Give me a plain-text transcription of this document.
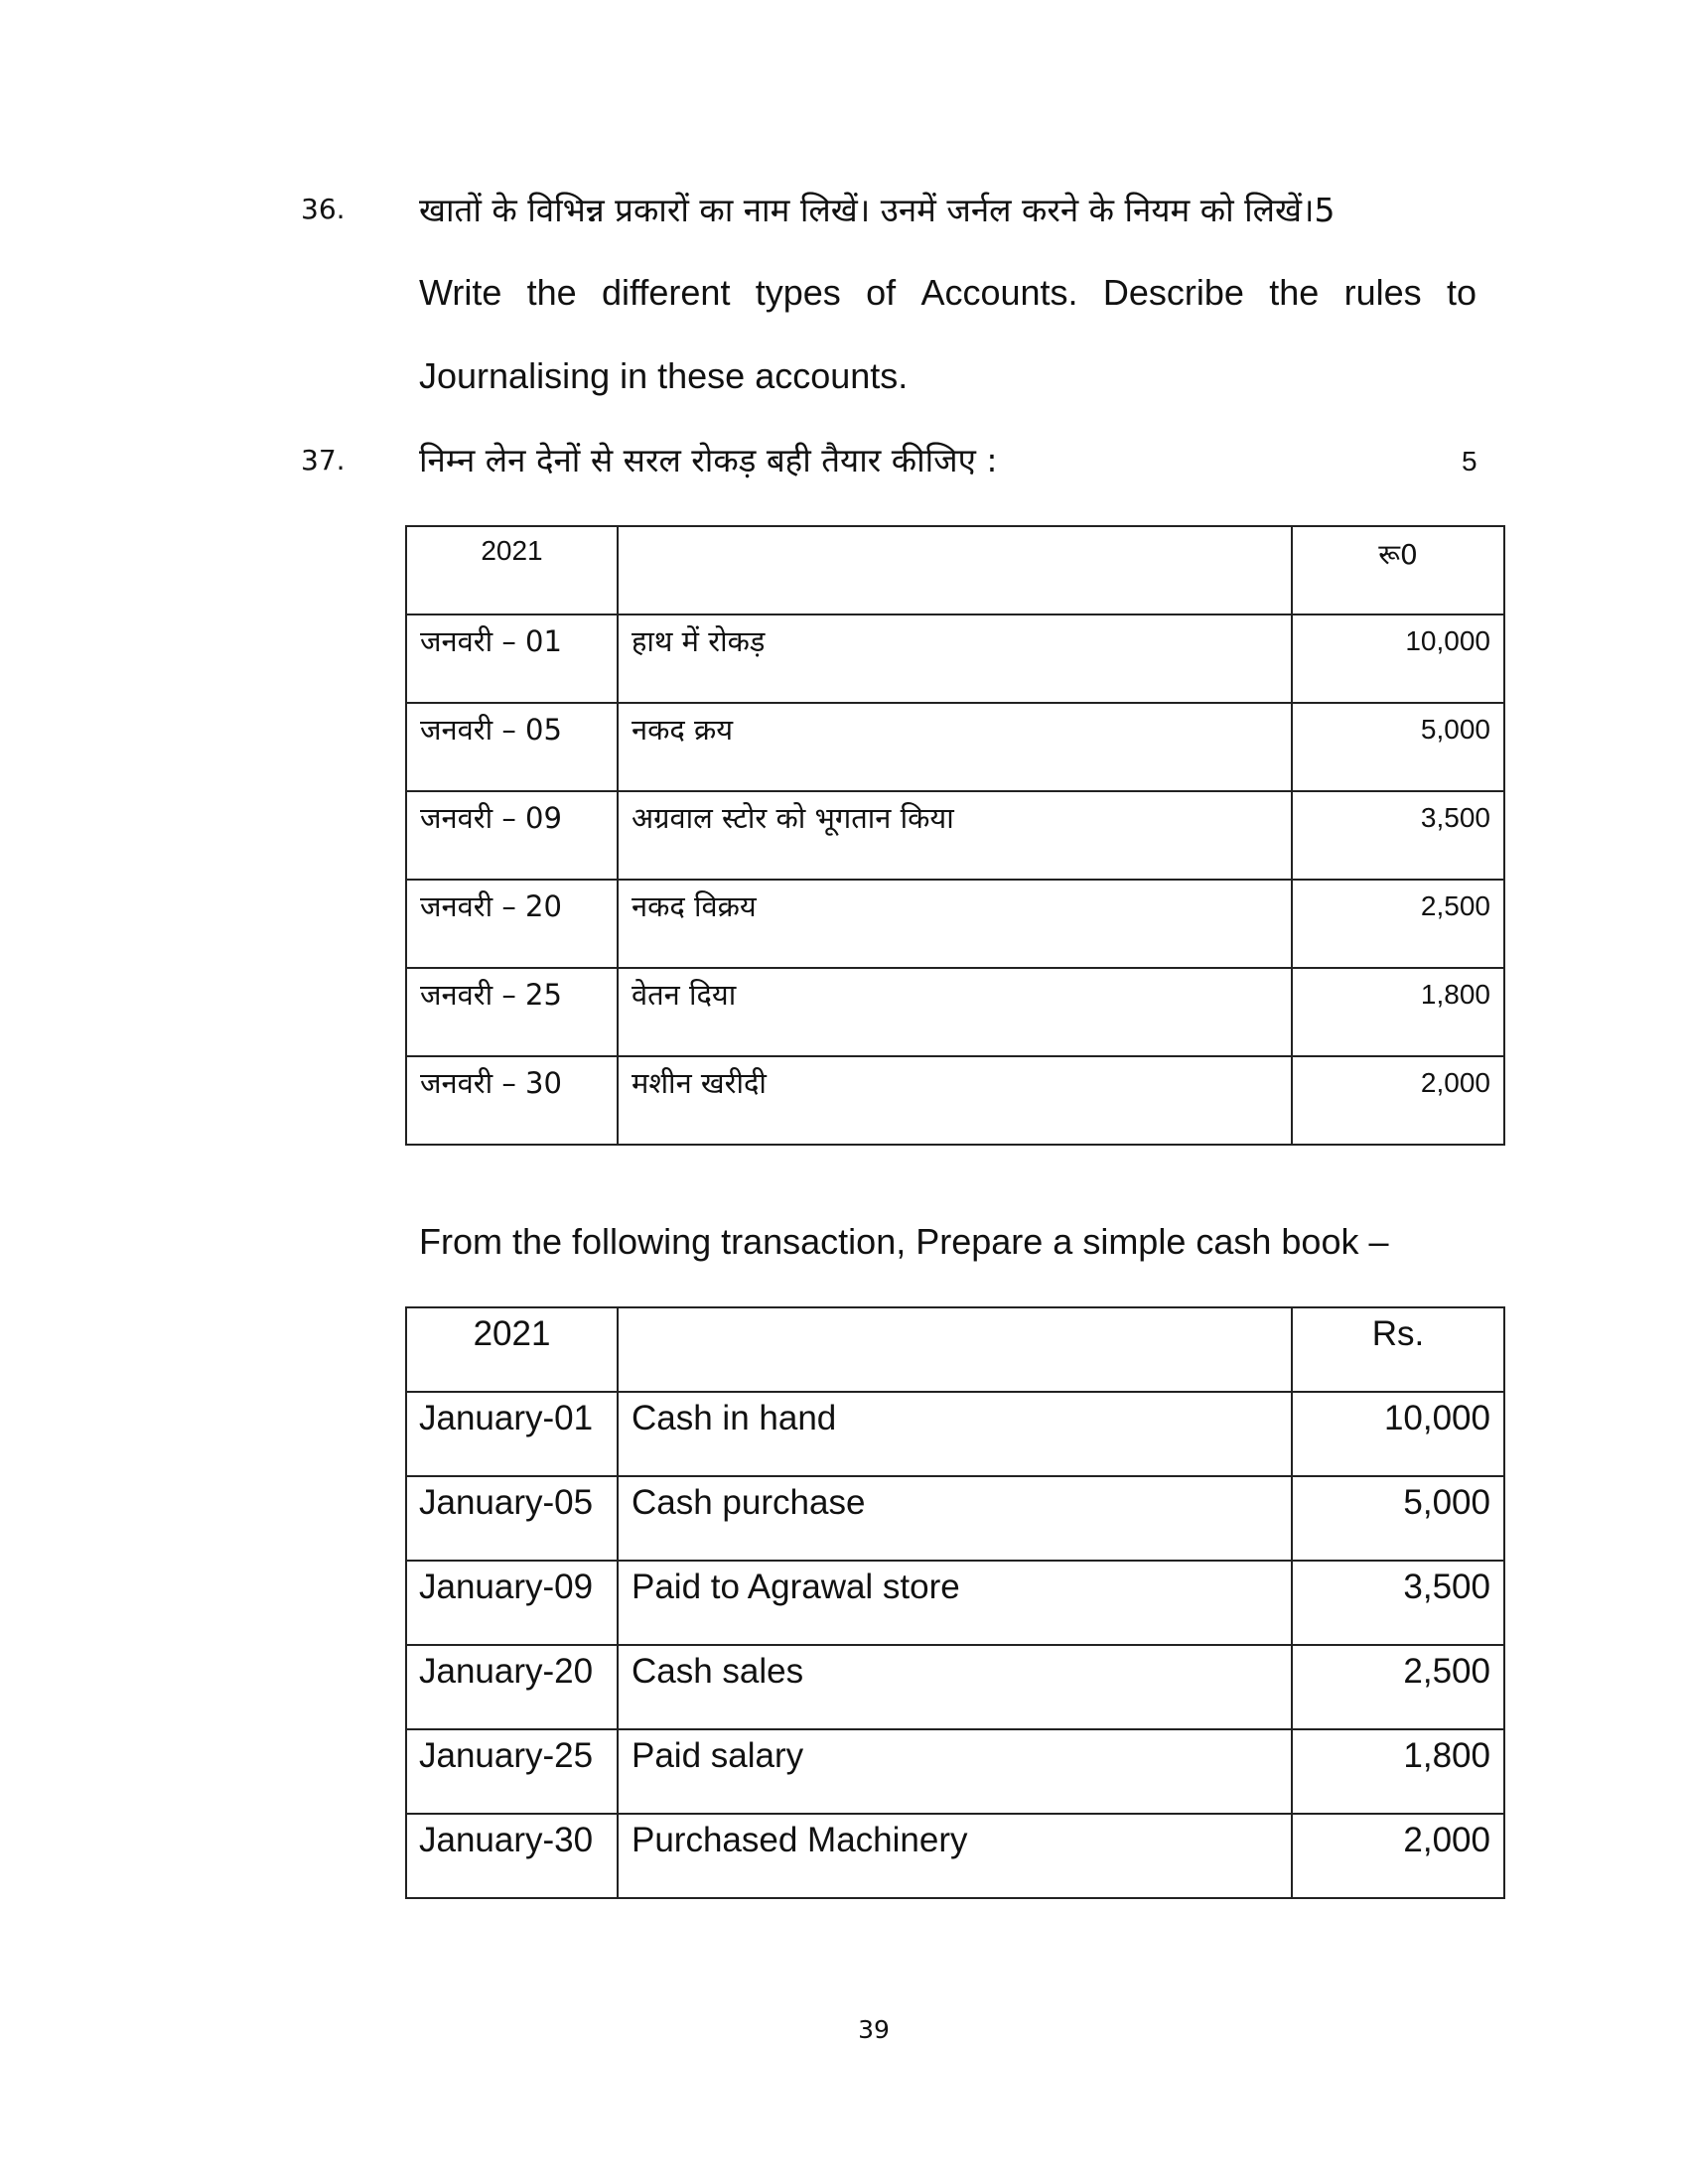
36. खातों के विभिन्न प्रकारों का नाम लिखें। उनमें जर्नल करने के नियम को लिखें।5
Write the different types of Accounts. Describe the rules to
Journalising in these accounts.
37. निम्न लेन देनों से सरल रोकड़ बही तैयार कीजिए :	5
2021		रू0
जनवरी – 01	हाथ में रोकड़	10,000
जनवरी – 05	नकद क्रय	5,000
जनवरी – 09	अग्रवाल स्टोर को भूगतान किया	3,500
जनवरी – 20	नकद विक्रय	2,500
जनवरी – 25	वेतन दिया	1,800
जनवरी – 30	मशीन खरीदी	2,000
From the following transaction, Prepare a simple cash book –
2021		Rs.
January-01	Cash in hand	10,000
January-05	Cash purchase	5,000
January-09	Paid to Agrawal store	3,500
January-20	Cash sales	2,500
January-25	Paid salary	1,800
January-30	Purchased Machinery	2,000
39
